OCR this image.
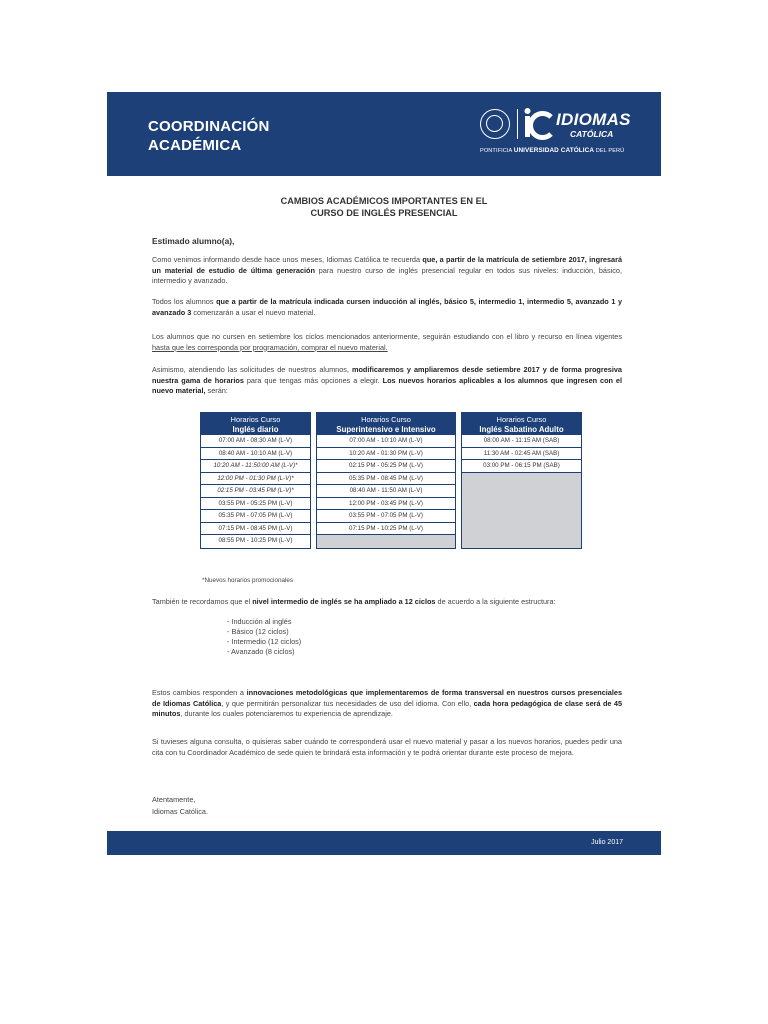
COORDINACIÓN
ACADÉMICA
IDIOMAS
CATÓLICA
PONTIFICIA UNIVERSIDAD CATÓLICA DEL PERÚ
CAMBIOS ACADÉMICOS IMPORTANTES EN EL
CURSO DE INGLÉS PRESENCIAL
Estimado alumno(a),
Como venimos informando desde hace unos meses, Idiomas Católica te recuerda que, a partir de la matrícula de setiembre 2017, ingresará un material de estudio de última generación para nuestro curso de inglés presencial regular en todos sus niveles: inducción, básico, intermedio y avanzado.
Todos los alumnos que a partir de la matrícula indicada cursen inducción al inglés, básico 5, intermedio 1, intermedio 5, avanzado 1 y avanzado 3 comenzarán a usar el nuevo material.
Los alumnos que no cursen en setiembre los ciclos mencionados anteriormente, seguirán estudiando con el libro y recurso en línea vigentes hasta que les corresponda por programación, comprar el nuevo material.
Asimismo, atendiendo las solicitudes de nuestros alumnos, modificaremos y ampliaremos desde setiembre 2017 y de forma progresiva nuestra gama de horarios para que tengas más opciones a elegir. Los nuevos horarios aplicables a los alumnos que ingresen con el nuevo material, serán:
Horarios Curso
Inglés diario
07:00 AM - 08:30 AM (L-V)
08:40 AM - 10:10 AM (L-V)
10:20 AM - 11:50:00 AM (L-V)*
12:00 PM - 01:30 PM (L-V)*
02:15 PM - 03:45 PM (L-V)*
03:55 PM - 05:25 PM (L-V)
05:35 PM - 07:05 PM (L-V)
07:15 PM - 08:45 PM (L-V)
08:55 PM - 10:25 PM (L-V)
Horarios Curso
Superintensivo e Intensivo
07:00 AM - 10:10 AM (L-V)
10:20 AM - 01:30 PM (L-V)
02:15 PM - 05:25 PM (L-V)
05:35 PM - 08:45 PM (L-V)
08:40 AM - 11:50 AM (L-V)
12:00 PM - 03:45 PM (L-V)
03:55 PM - 07:05 PM (L-V)
07:15 PM - 10:25 PM (L-V)
Horarios Curso
Inglés Sabatino Adulto
08:00 AM - 11:15 AM (SAB)
11:30 AM - 02:45 AM (SAB)
03:00 PM - 06:15 PM (SAB)
*Nuevos horarios promocionales
También te recordamos que el nivel intermedio de inglés se ha ampliado a 12 ciclos de acuerdo a la siguiente estructura:
- Inducción al inglés
- Básico (12 ciclos)
- Intermedio (12 ciclos)
- Avanzado (8 ciclos)
Estos cambios responden a innovaciones metodológicas que implementaremos de forma transversal en nuestros cursos presenciales de Idiomas Católica, y que permitirán personalizar tus necesidades de uso del idioma. Con ello, cada hora pedagógica de clase será de 45 minutos, durante los cuales potenciaremos tu experiencia de aprendizaje.
Si tuvieses alguna consulta, o quisieras saber cuándo te corresponderá usar el nuevo material y pasar a los nuevos horarios, puedes pedir una cita con tu Coordinador Académico de sede quien te brindará esta información y te podrá orientar durante este proceso de mejora.
Atentamente,
Idiomas Católica.
Julio 2017
